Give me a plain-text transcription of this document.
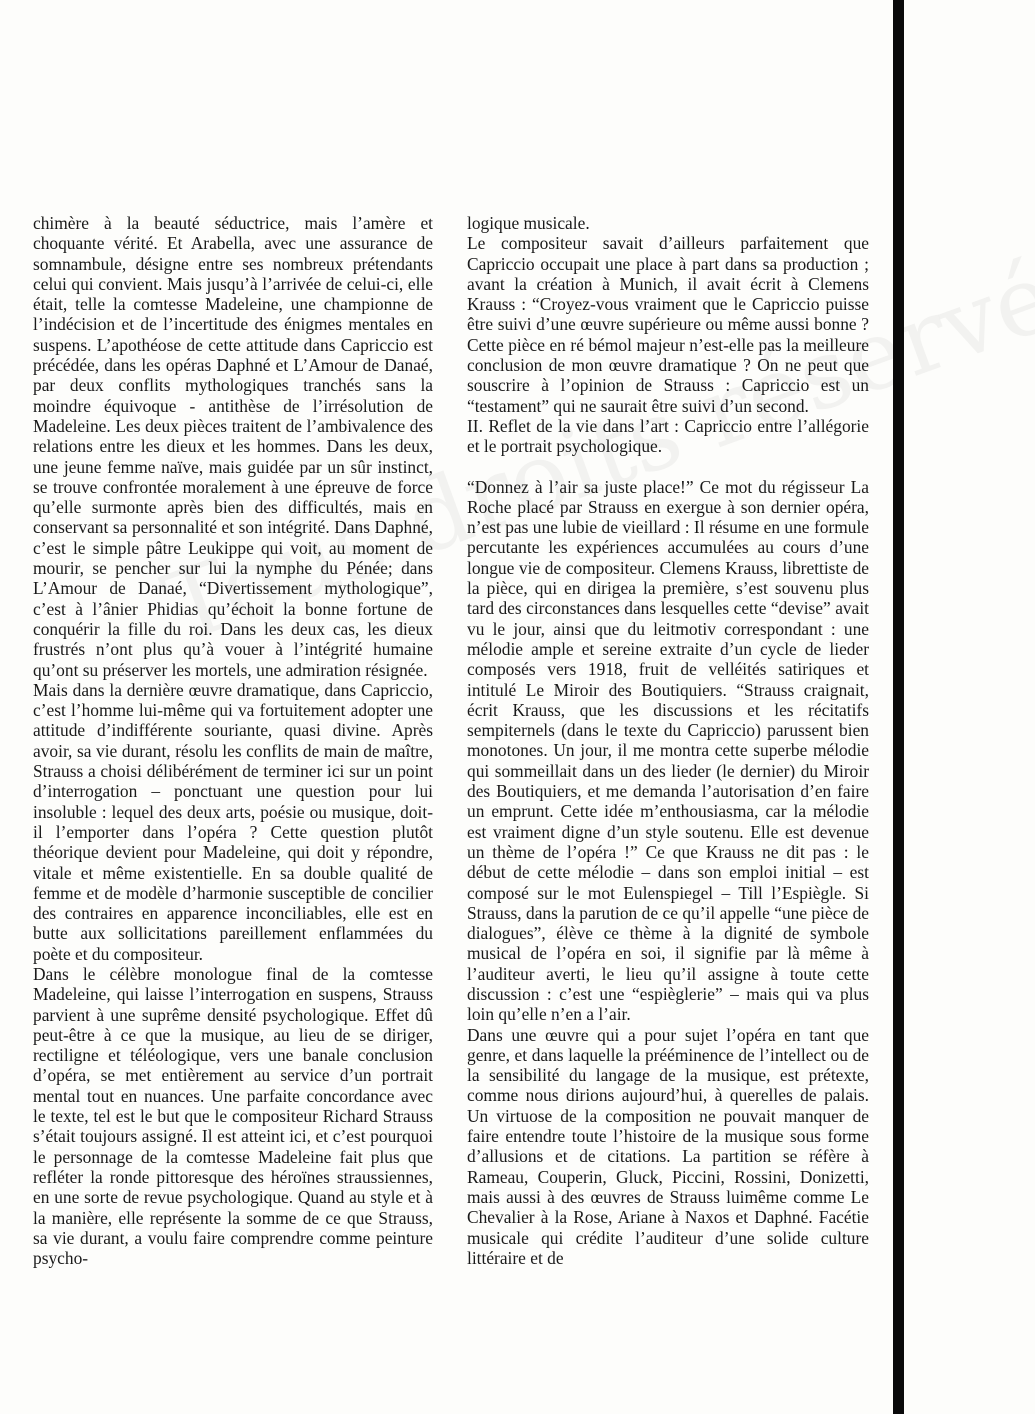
chimère à la beauté séductrice, mais l’amère et choquante vérité. Et Arabella, avec une assurance de somnambule, désigne entre ses nombreux prétendants celui qui convient. Mais jusqu’à l’arrivée de celui-ci, elle était, telle la comtesse Madeleine, une championne de l’indécision et de l’incertitude des énigmes mentales en suspens. L’apothéose de cette attitude dans Capriccio est précédée, dans les opéras Daphné et L’Amour de Danaé, par deux conflits mythologiques tranchés sans la moindre équivoque - antithèse de l’irrésolution de Madeleine. Les deux pièces traitent de l’ambivalence des relations entre les dieux et les hommes. Dans les deux, une jeune femme naïve, mais guidée par un sûr instinct, se trouve confrontée moralement à une épreuve de force qu’elle surmonte après bien des difficultés, mais en conservant sa personnalité et son intégrité. Dans Daphné, c’est le simple pâtre Leukippe qui voit, au moment de mourir, se pencher sur lui la nymphe du Pénée; dans L’Amour de Danaé, “Divertissement mythologique”, c’est à l’ânier Phidias qu’échoit la bonne fortune de conquérir la fille du roi. Dans les deux cas, les dieux frustrés n’ont plus qu’à vouer à l’intégrité humaine qu’ont su préserver les mortels, une admiration résignée.

Mais dans la dernière œuvre dramatique, dans Capriccio, c’est l’homme lui-même qui va fortuitement adopter une attitude d’indifférente souriante, quasi divine. Après avoir, sa vie durant, résolu les conflits de main de maître, Strauss a choisi délibérément de terminer ici sur un point d’interrogation – ponctuant une question pour lui insoluble : lequel des deux arts, poésie ou musique, doit-il l’emporter dans l’opéra ? Cette question plutôt théorique devient pour Madeleine, qui doit y répondre, vitale et même existentielle. En sa double qualité de femme et de modèle d’harmonie susceptible de concilier des contraires en apparence inconciliables, elle est en butte aux sollicitations pareillement enflammées du poète et du compositeur.

Dans le célèbre monologue final de la comtesse Madeleine, qui laisse l’interrogation en suspens, Strauss parvient à une suprême densité psychologique. Effet dû peut-être à ce que la musique, au lieu de se diriger, rectiligne et téléologique, vers une banale conclusion d’opéra, se met entièrement au service d’un portrait mental tout en nuances. Une parfaite concordance avec le texte, tel est le but que le compositeur Richard Strauss s’était toujours assigné. Il est atteint ici, et c’est pourquoi le personnage de la comtesse Madeleine fait plus que refléter la ronde pittoresque des héroïnes straussiennes, en une sorte de revue psychologique. Quand au style et à la manière, elle représente la somme de ce que Strauss, sa vie durant, a voulu faire comprendre comme peinture psycho-

logique musicale.

Le compositeur savait d’ailleurs parfaitement que Capriccio occupait une place à part dans sa production ; avant la création à Munich, il avait écrit à Clemens Krauss : “Croyez-vous vraiment que le Capriccio puisse être suivi d’une œuvre supérieure ou même aussi bonne ? Cette pièce en ré bémol majeur n’est-elle pas la meilleure conclusion de mon œuvre dramatique ? On ne peut que souscrire à l’opinion de Strauss : Capriccio est un “testament” qui ne saurait être suivi d’un second.

II. Reflet de la vie dans l’art : Capriccio entre l’allégorie et le portrait psychologique.

“Donnez à l’air sa juste place!” Ce mot du régisseur La Roche placé par Strauss en exergue à son dernier opéra, n’est pas une lubie de vieillard : Il résume en une formule percutante les expériences accumulées au cours d’une longue vie de compositeur. Clemens Krauss, librettiste de la pièce, qui en dirigea la première, s’est souvenu plus tard des circonstances dans lesquelles cette “devise” avait vu le jour, ainsi que du leitmotiv correspondant : une mélodie ample et sereine extraite d’un cycle de lieder composés vers 1918, fruit de velléités satiriques et intitulé Le Miroir des Boutiquiers. “Strauss craignait, écrit Krauss, que les discussions et les récitatifs sempiternels (dans le texte du Capriccio) parussent bien monotones. Un jour, il me montra cette superbe mélodie qui sommeillait dans un des lieder (le dernier) du Miroir des Boutiquiers, et me demanda l’autorisation d’en faire un emprunt. Cette idée m’enthousiasma, car la mélodie est vraiment digne d’un style soutenu. Elle est devenue un thème de l’opéra !” Ce que Krauss ne dit pas : le début de cette mélodie – dans son emploi initial – est composé sur le mot Eulenspiegel – Till l’Espiègle. Si Strauss, dans la parution de ce qu’il appelle “une pièce de dialogues”, élève ce thème à la dignité de symbole musical de l’opéra en soi, il signifie par là même à l’auditeur averti, le lieu qu’il assigne à toute cette discussion : c’est une “espièglerie” – mais qui va plus loin qu’elle n’en a l’air.

Dans une œuvre qui a pour sujet l’opéra en tant que genre, et dans laquelle la prééminence de l’intellect ou de la sensibilité du langage de la musique, est prétexte, comme nous dirions aujourd’hui, à querelles de palais. Un virtuose de la composition ne pouvait manquer de faire entendre toute l’histoire de la musique sous forme d’allusions et de citations. La partition se réfère à Rameau, Couperin, Gluck, Piccini, Rossini, Donizetti, mais aussi à des œuvres de Strauss luimême comme Le Chevalier à la Rose, Ariane à Naxos et Daphné. Facétie musicale qui crédite l’auditeur d’une solide culture littéraire et de
